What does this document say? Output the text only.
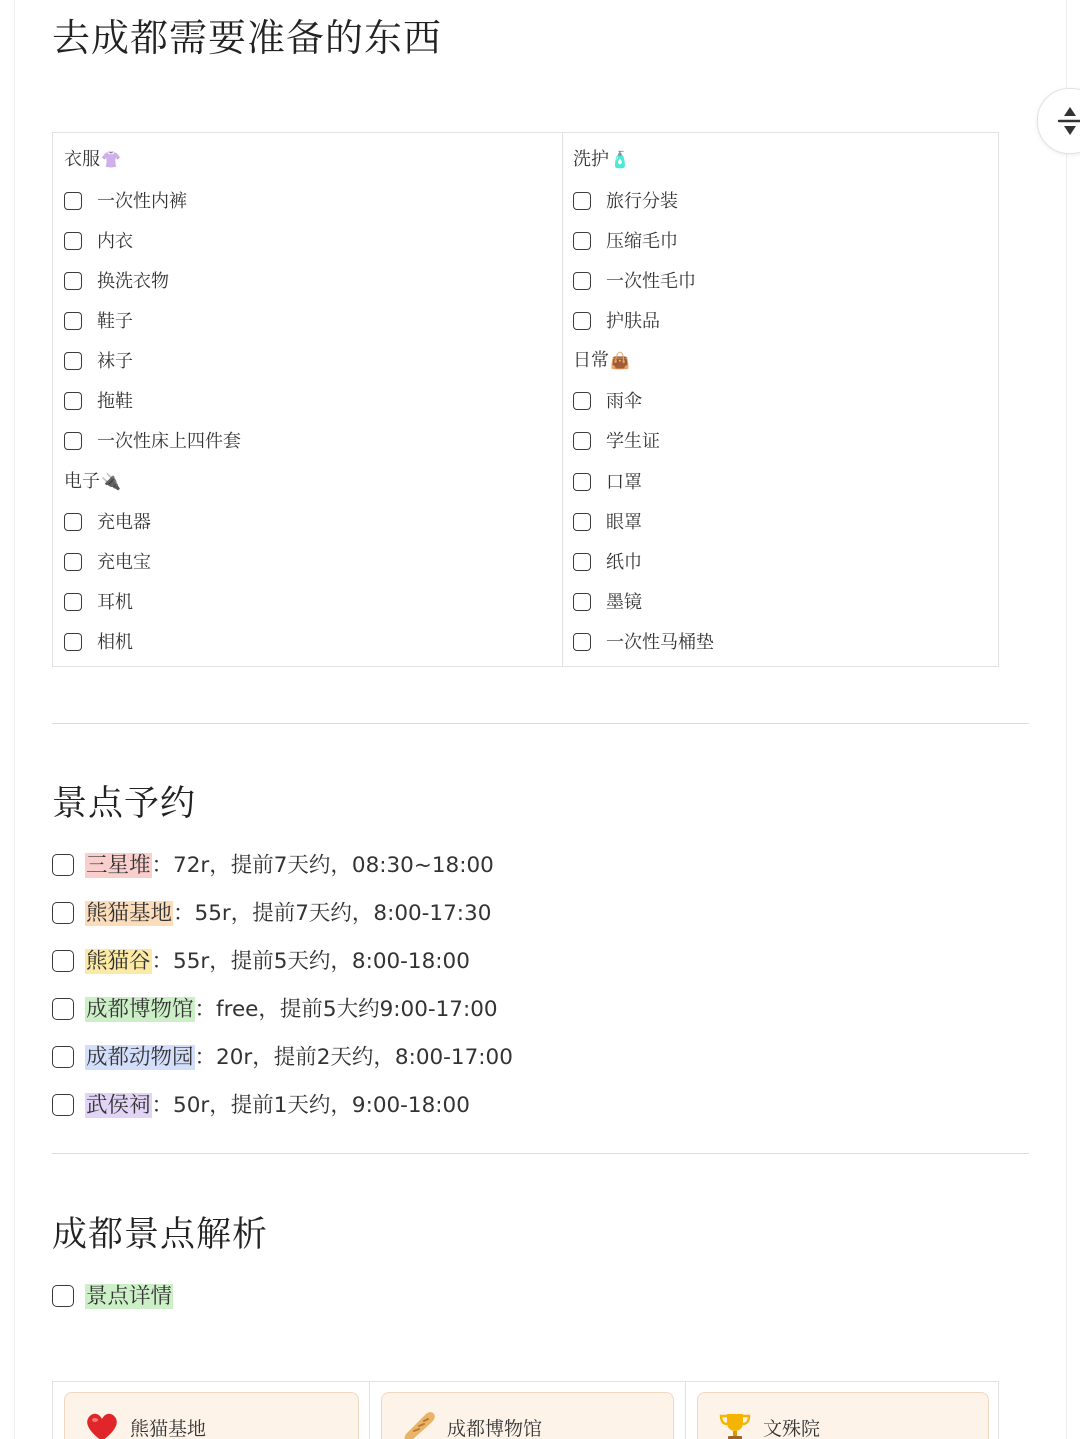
去成都需要准备的东西
衣服👚
一次性内裤
内衣
换洗衣物
鞋子
袜子
拖鞋
一次性床上四件套
电子🔌
充电器
充电宝
耳机
相机
洗护🧴
旅行分装
压缩毛巾
一次性毛巾
护肤品
日常👜
雨伞
学生证
口罩
眼罩
纸巾
墨镜
一次性马桶垫
景点予约
三星堆：72r，提前7天约，08:30~18:00
熊猫基地：55r，提前7天约，8:00-17:30
熊猫谷：55r，提前5天约，8:00-18:00
成都博物馆：free，提前5大约9:00-17:00
成都动物园：20r，提前2天约，8:00-17:00
武侯祠：50r，提前1天约，9:00-18:00
成都景点解析
景点详情
熊猫基地	成都博物馆	文殊院
